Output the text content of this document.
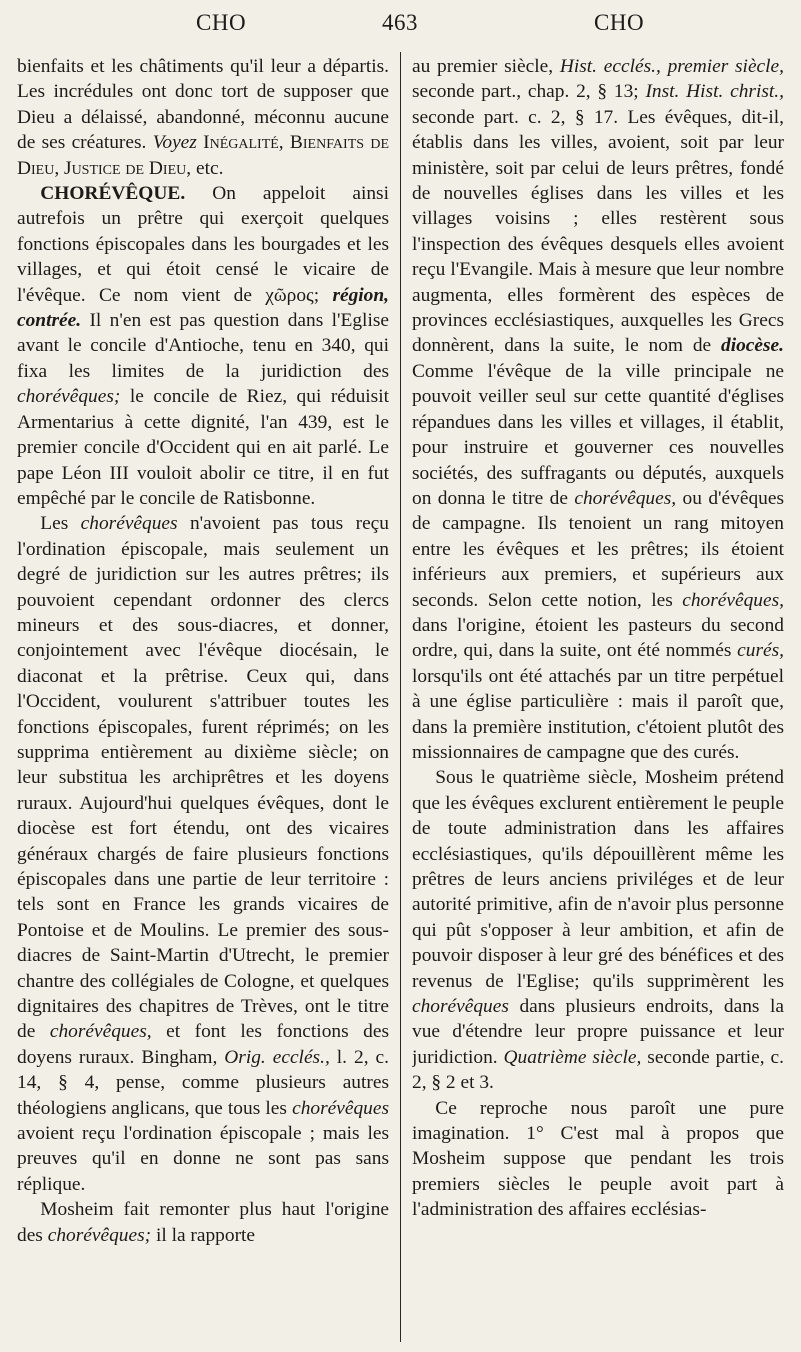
CHO	463	CHO

bienfaits et les châtiments qu'il leur a départis. Les incrédules ont donc tort de supposer que Dieu a délaissé, abandonné, méconnu aucune de ses créatures. Voyez Inégalité, Bienfaits de Dieu, Justice de Dieu, etc.

CHORÉVÊQUE. On appeloit ainsi autrefois un prêtre qui exerçoit quelques fonctions épiscopales dans les bourgades et les villages, et qui étoit censé le vicaire de l'évêque. Ce nom vient de χῶρος; région, contrée. Il n'en est pas question dans l'Eglise avant le concile d'Antioche, tenu en 340, qui fixa les limites de la juridiction des chorévêques; le concile de Riez, qui réduisit Armentarius à cette dignité, l'an 439, est le premier concile d'Occident qui en ait parlé. Le pape Léon III vouloit abolir ce titre, il en fut empêché par le concile de Ratisbonne.

Les chorévêques n'avoient pas tous reçu l'ordination épiscopale, mais seulement un degré de juridiction sur les autres prêtres; ils pouvoient cependant ordonner des clercs mineurs et des sous-diacres, et donner, conjointement avec l'évêque diocésain, le diaconat et la prêtrise. Ceux qui, dans l'Occident, voulurent s'attribuer toutes les fonctions épiscopales, furent réprimés; on les supprima entièrement au dixième siècle; on leur substitua les archiprêtres et les doyens ruraux. Aujourd'hui quelques évêques, dont le diocèse est fort étendu, ont des vicaires généraux chargés de faire plusieurs fonctions épiscopales dans une partie de leur territoire : tels sont en France les grands vicaires de Pontoise et de Moulins. Le premier des sous-diacres de Saint-Martin d'Utrecht, le premier chantre des collégiales de Cologne, et quelques dignitaires des chapitres de Trèves, ont le titre de chorévêques, et font les fonctions des doyens ruraux. Bingham, Orig. ecclés., l. 2, c. 14, § 4, pense, comme plusieurs autres théologiens anglicans, que tous les chorévêques avoient reçu l'ordination épiscopale ; mais les preuves qu'il en donne ne sont pas sans réplique.

Mosheim fait remonter plus haut l'origine des chorévêques; il la rapporte

au premier siècle, Hist. ecclés., premier siècle, seconde part., chap. 2, § 13; Inst. Hist. christ., seconde part. c. 2, § 17. Les évêques, dit-il, établis dans les villes, avoient, soit par leur ministère, soit par celui de leurs prêtres, fondé de nouvelles églises dans les villes et les villages voisins ; elles restèrent sous l'inspection des évêques desquels elles avoient reçu l'Evangile. Mais à mesure que leur nombre augmenta, elles formèrent des espèces de provinces ecclésiastiques, auxquelles les Grecs donnèrent, dans la suite, le nom de diocèse. Comme l'évêque de la ville principale ne pouvoit veiller seul sur cette quantité d'églises répandues dans les villes et villages, il établit, pour instruire et gouverner ces nouvelles sociétés, des suffragants ou députés, auxquels on donna le titre de chorévêques, ou d'évêques de campagne. Ils tenoient un rang mitoyen entre les évêques et les prêtres; ils étoient inférieurs aux premiers, et supérieurs aux seconds. Selon cette notion, les chorévêques, dans l'origine, étoient les pasteurs du second ordre, qui, dans la suite, ont été nommés curés, lorsqu'ils ont été attachés par un titre perpétuel à une église particulière : mais il paroît que, dans la première institution, c'étoient plutôt des missionnaires de campagne que des curés.

Sous le quatrième siècle, Mosheim prétend que les évêques exclurent entièrement le peuple de toute administration dans les affaires ecclésiastiques, qu'ils dépouillèrent même les prêtres de leurs anciens priviléges et de leur autorité primitive, afin de n'avoir plus personne qui pût s'opposer à leur ambition, et afin de pouvoir disposer à leur gré des bénéfices et des revenus de l'Eglise; qu'ils supprimèrent les chorévêques dans plusieurs endroits, dans la vue d'étendre leur propre puissance et leur juridiction. Quatrième siècle, seconde partie, c. 2, § 2 et 3.

Ce reproche nous paroît une pure imagination. 1° C'est mal à propos que Mosheim suppose que pendant les trois premiers siècles le peuple avoit part à l'administration des affaires ecclésias-
